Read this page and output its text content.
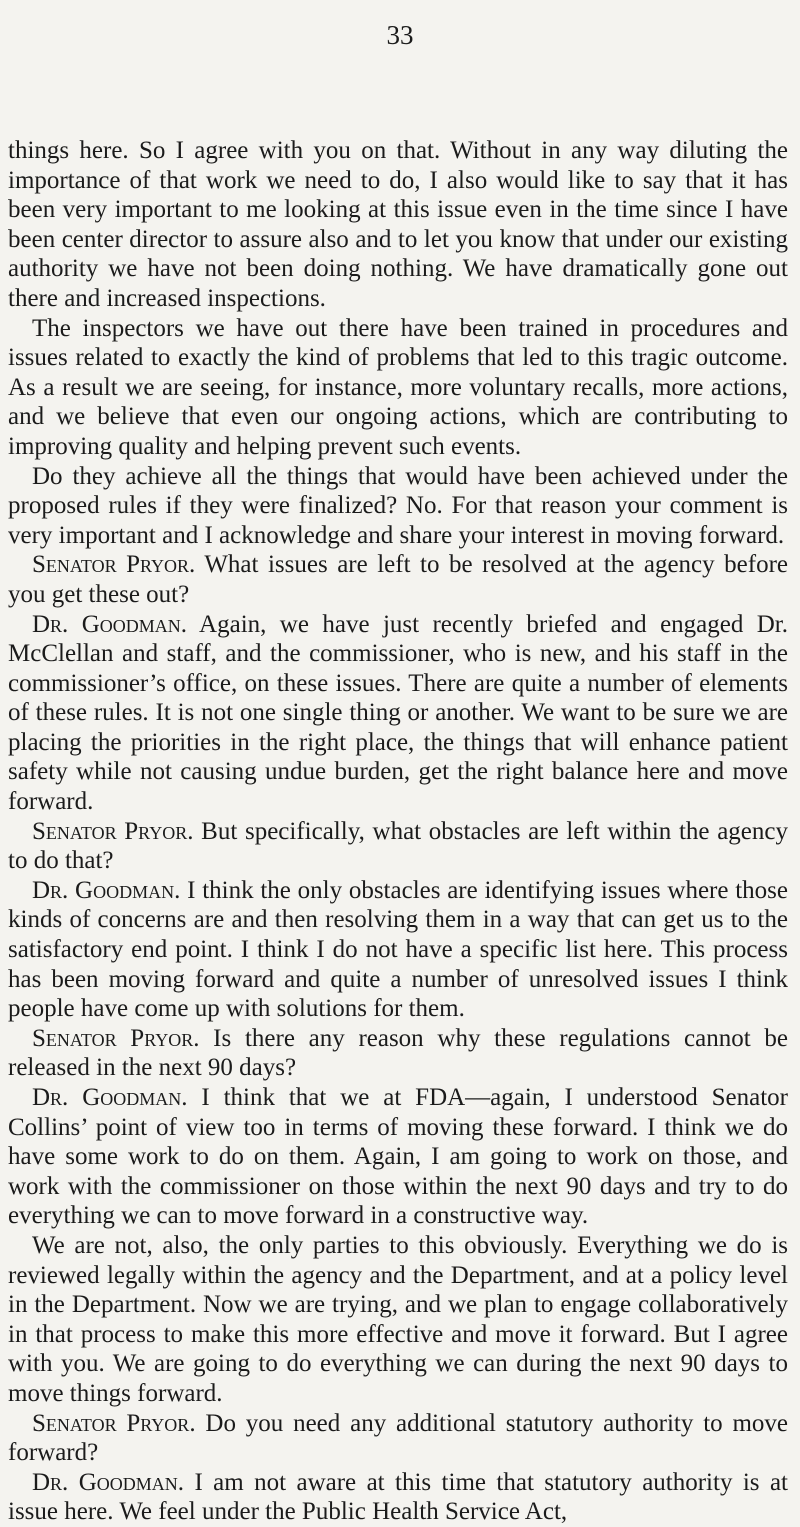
33

things here. So I agree with you on that. Without in any way diluting the importance of that work we need to do, I also would like to say that it has been very important to me looking at this issue even in the time since I have been center director to assure also and to let you know that under our existing authority we have not been doing nothing. We have dramatically gone out there and increased inspections.

The inspectors we have out there have been trained in procedures and issues related to exactly the kind of problems that led to this tragic outcome. As a result we are seeing, for instance, more voluntary recalls, more actions, and we believe that even our ongoing actions, which are contributing to improving quality and helping prevent such events.

Do they achieve all the things that would have been achieved under the proposed rules if they were finalized? No. For that reason your comment is very important and I acknowledge and share your interest in moving forward.

Senator Pryor. What issues are left to be resolved at the agency before you get these out?

Dr. Goodman. Again, we have just recently briefed and engaged Dr. McClellan and staff, and the commissioner, who is new, and his staff in the commissioner’s office, on these issues. There are quite a number of elements of these rules. It is not one single thing or another. We want to be sure we are placing the priorities in the right place, the things that will enhance patient safety while not causing undue burden, get the right balance here and move forward.

Senator Pryor. But specifically, what obstacles are left within the agency to do that?

Dr. Goodman. I think the only obstacles are identifying issues where those kinds of concerns are and then resolving them in a way that can get us to the satisfactory end point. I think I do not have a specific list here. This process has been moving forward and quite a number of unresolved issues I think people have come up with solutions for them.

Senator Pryor. Is there any reason why these regulations cannot be released in the next 90 days?

Dr. Goodman. I think that we at FDA—again, I understood Senator Collins’ point of view too in terms of moving these forward. I think we do have some work to do on them. Again, I am going to work on those, and work with the commissioner on those within the next 90 days and try to do everything we can to move forward in a constructive way.

We are not, also, the only parties to this obviously. Everything we do is reviewed legally within the agency and the Department, and at a policy level in the Department. Now we are trying, and we plan to engage collaboratively in that process to make this more effective and move it forward. But I agree with you. We are going to do everything we can during the next 90 days to move things forward.

Senator Pryor. Do you need any additional statutory authority to move forward?

Dr. Goodman. I am not aware at this time that statutory authority is at issue here. We feel under the Public Health Service Act,
